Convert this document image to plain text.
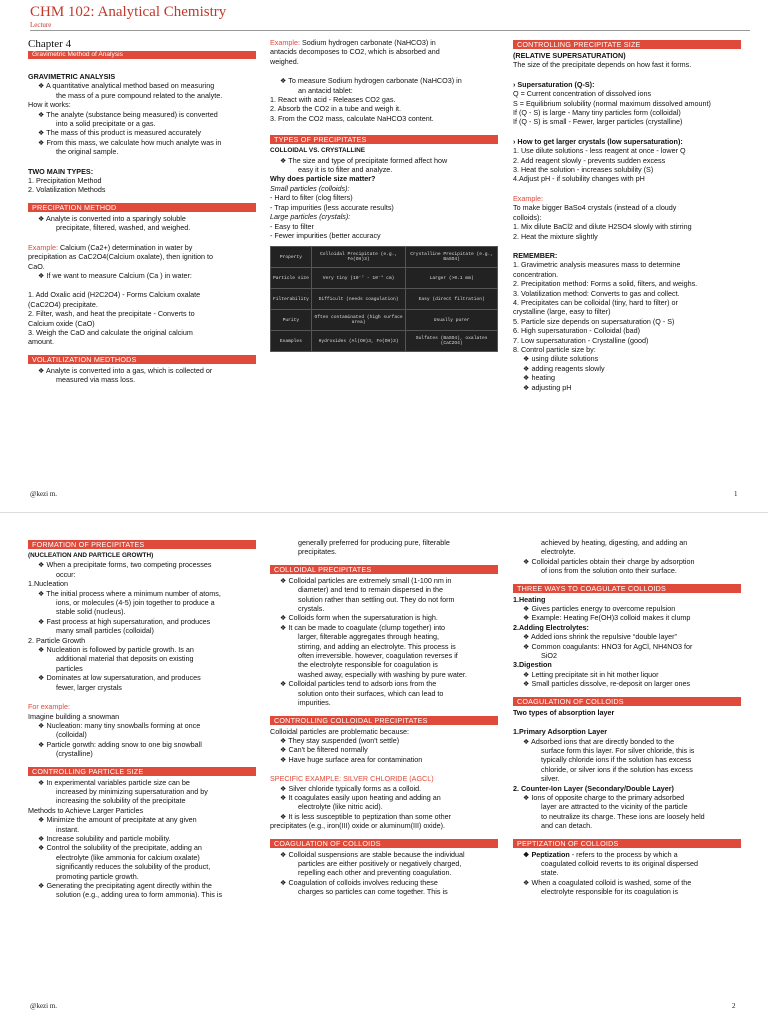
CHM 102: Analytical Chemistry
Lecture
Chapter 4
Gravimetric Method of Analysis
GRAVIMETRIC ANALYSIS
❖ A quantitative analytical method based on measuring
the mass of a pure compound related to the analyte.
How it works:
❖ The analyte (substance being measured) is converted
into a solid precipitate or a gas.
❖ The mass of this product is measured accurately
❖ From this mass, we calculate how much analyte was in
the original sample.
TWO MAIN TYPES:
1. Precipitation Method
2. Volatilization Methods
PRECIPATION METHOD
❖ Analyte is converted into a sparingly soluble
precipitate, filtered, washed, and weighed.
Example: Calcium (Ca2+) determination in water by
precipitation as CaC2O4(Calcium oxalate), then ignition to
CaO.
❖ If we want to measure Calcium (Ca ) in water:
1. Add Oxalic acid (H2C2O4) - Forms Calcium oxalate
(CaC2O4) precipitate.
2. Filter, wash, and heat the precipitate - Converts to
Calcium oxide (CaO)
3. Weigh the CaO and calculate the original calcium
amount.
VOLATILIZATION MEDTHODS
❖ Analyte is converted into a gas, which is collected or
measured via mass loss.
Example: Sodium hydrogen carbonate (NaHCO3) in
antacids decomposes to CO2, which is absorbed and
weighed.
❖ To measure Sodium hydrogen carbonate (NaHCO3) in
an antacid tablet:
1. React with acid - Releases CO2 gas.
2. Absorb the CO2 in a tube and weigh it.
3. From the CO2 mass, calculate NaHCO3 content.
TYPES OF PRECIPITATES
COLLOIDAL VS. CRYSTALLINE
❖ The size and type of precipitate formed affect how
easy it is to filter and analyze.
Why does particle size matter?
Small particles (colloids):
- Hard to filter (clog filters)
- Trap impurities (less accurate results)
Large particles (crystals):
- Easy to filter
- Fewer impurities (better accuracy
Property	Colloidal Precipitate (e.g., Fe(OH)3)	Crystalline Precipitate (e.g., BaSO4)
Particle size	Very tiny (10⁻⁷ - 10⁻⁴ cm)	Larger (>0.1 mm)
Filterability	Difficult (needs coagulation)	Easy (direct filtration)
Purity	Often contaminated (high surface area)	Usually purer
Examples	Hydroxides (Al(OH)3, Fe(OH)3)	Sulfates (BaSO4), oxalates (CaC2O4)
CONTROLLING PRECIPITATE SIZE
(RELATIVE SUPERSATURATION)
The size of the precipitate depends on how fast it forms.
› Supersaturation (Q-S):
Q = Current concentration of dissolved ions
S = Equilibrium solubility (normal maximum dissolved amount)
If (Q - S) is large - Many tiny particles form (colloidal)
If (Q - S) is small - Fewer, larger particles (crystalline)
› How to get larger crystals (low supersaturation):
1. Use dilute solutions - less reagent at once - lower Q
2. Add reagent slowly - prevents sudden excess
3. Heat the solution - increases solubility (S)
4.Adjust pH - if solubility changes with pH
Example:
To make bigger BaSo4 crystals (instead of a cloudy
colloids):
1. Mix dilute BaCl2 and dilute H2SO4 slowly with stirring
2. Heat the mixture slightly
REMEMBER:
1. Gravimetric analysis measures mass to determine
concentration.
2. Precipitation method: Forms a solid, filters, and weighs.
3. Volatilization method: Converts to gas and collect.
4. Precipitates can be colloidal (tiny, hard to filter) or
crystalline (large, easy to filter)
5. Particle size depends on supersaturation (Q - S)
6. High supersaturation - Colloidal (bad)
7. Low supersaturation - Crystalline (good)
8. Control particle size by:
❖ using dilute solutions
❖ adding reagents slowly
❖ heating
❖ adjusting pH
@kezi m.	1
FORMATION OF PRECIPITATES
(NUCLEATION AND PARTICLE GROWTH)
❖ When a precipitate forms, two competing processes
occur:
1.Nucleation
❖ The initial process where a minimum number of atoms,
ions, or molecules (4-5) join together to produce a
stable solid (nucleus).
❖ Fast process at high supersaturation, and produces
many small particles (colloidal)
2. Particle Growth
❖ Nucleation is followed by particle growth. Is an
additional material that deposits on existing
particles
❖ Dominates at low supersaturation, and produces
fewer, larger crystals
For example:
Imagine building a snowman
❖ Nucleation: many tiny snowballs forming at once
(colloidal)
❖ Particle gorwth: adding snow to one big snowball
(crystalline)
CONTROLLING PARTICLE SIZE
❖ In experimental variables particle size can be
increased by minimizing supersaturation and by
increasing the solubility of the precipitate
Methods to Achieve Larger Particles
❖ Minimize the amount of precipitate at any given
instant.
❖ Increase solubility and particle mobility.
❖ Control the solubility of the precipitate, adding an
electrolyte (like ammonia for calcium oxalate)
significantly reduces the solubility of the product,
promoting particle growth.
❖ Generating the precipitating agent directly within the
solution (e.g., adding urea to form ammonia). This is
generally preferred for producing pure, filterable
precipitates.
COLLOIDAL PRECIPITATES
❖ Colloidal particles are extremely small (1-100 nm in
diameter) and tend to remain dispersed in the
solution rather than settling out. They do not form
crystals.
❖ Colloids form when the supersaturation is high.
❖ It can be made to coagulate (clump together) into
larger, filterable aggregates through heating,
stirring, and adding an electrolyte. This process is
often irreversible. however, coagulation reverses if
the electrolyte responsible for coagulation is
washed away, especially with washing by pure water.
❖ Colloidal particles tend to adsorb ions from the
solution onto their surfaces, which can lead to
impurities.
CONTROLLING COLLOIDAL PRECIPITATES
Colloidal particles are problematic because:
❖ They stay suspended (won't settle)
❖ Can't be filtered normally
❖ Have huge surface area for contamination
SPECIFIC EXAMPLE: SILVER CHLORIDE (AGCL)
❖ Silver chloride typically forms as a colloid.
❖ It coagulates easily upon heating and adding an
electrolyte (like nitric acid).
❖ It is less susceptible to peptization than some other
precipitates (e.g., iron(III) oxide or aluminum(III) oxide).
COAGULATION OF COLLOIDS
❖ Colloidal suspensions are stable because the individual
particles are either positively or negatively charged,
repelling each other and preventing coagulation.
❖ Coagulation of colloids involves reducing these
charges so particles can come together. This is
achieved by heating, digesting, and adding an
electrolyte.
❖ Colloidal particles obtain their charge by adsorption
of ions from the solution onto their surface.
THREE WAYS TO COAGULATE COLLOIDS
1.Heating
❖ Gives particles energy to overcome repulsion
❖ Example: Heating Fe(OH)3 colloid makes it clump
2.Adding Electrolytes:
❖ Added ions shrink the repulsive “double layer”
❖ Common coagulants: HNO3 for AgCl, NH4NO3 for
SiO2
3.Digestion
❖ Letting precipitate sit in hit mother liquor
❖ Small particles dissolve, re-deposit on larger ones
COAGULATION OF COLLOIDS
Two types of absorption layer
1.Primary Adsorption Layer
❖ Adsorbed ions that are directly bonded to the
surface form this layer. For silver chloride, this is
typically chloride ions if the solution has excess
chloride, or silver ions if the solution has excess
silver.
2. Counter-Ion Layer (Secondary/Double Layer)
❖ Ions of opposite charge to the primary adsorbed
layer are attracted to the vicinity of the particle
to neutralize its charge. These ions are loosely held
and can detach.
PEPTIZATION OF COLLOIDS
❖ Peptization - refers to the process by which a
coagulated colloid reverts to its original dispersed
state.
❖ When a coagulated colloid is washed, some of the
electrolyte responsible for its coagulation is
@kezi m.	2
